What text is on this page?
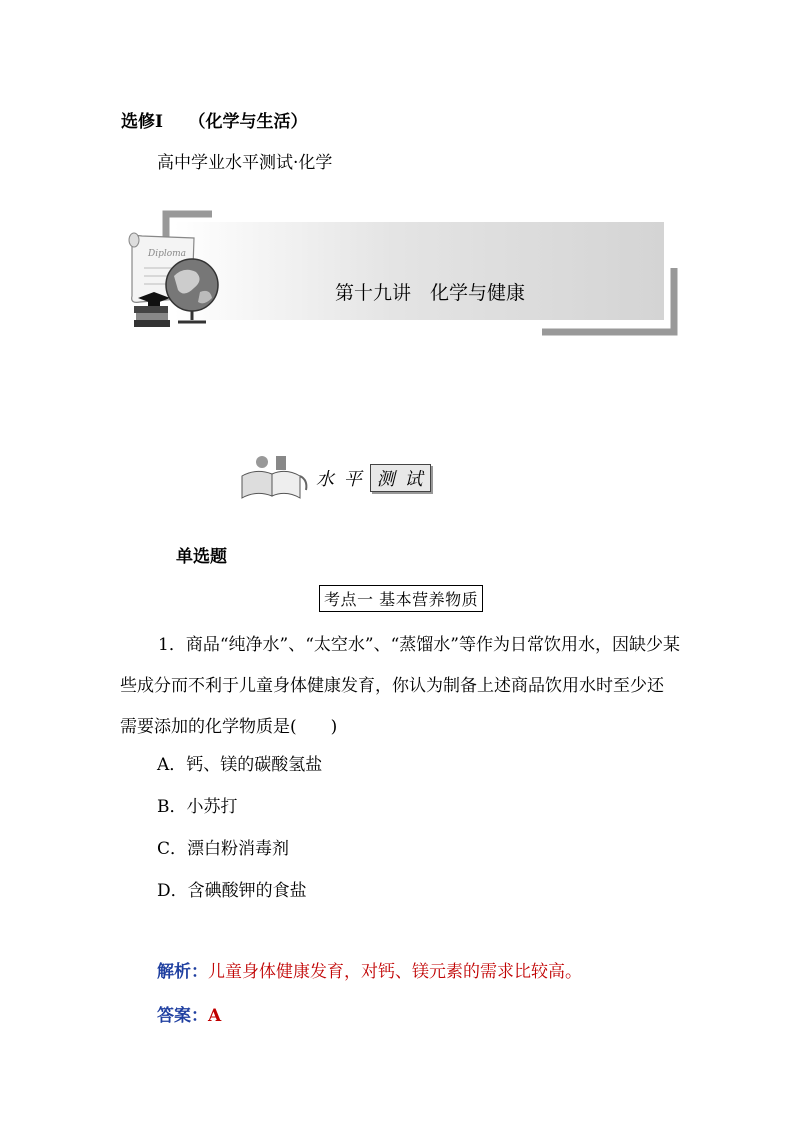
选修Ⅰ　　（化学与生活）
高中学业水平测试·化学
Diploma
第十九讲　化学与健康
水 平 测 试
单选题
考点一 基本营养物质
1．商品“纯净水”、“太空水”、“蒸馏水”等作为日常饮用水，因缺少某些成分而不利于儿童身体健康发育，你认为制备上述商品饮用水时至少还需要添加的化学物质是(　　)
A．钙、镁的碳酸氢盐
B．小苏打
C．漂白粉消毒剂
D．含碘酸钾的食盐
解析：儿童身体健康发育，对钙、镁元素的需求比较高。
答案：A
